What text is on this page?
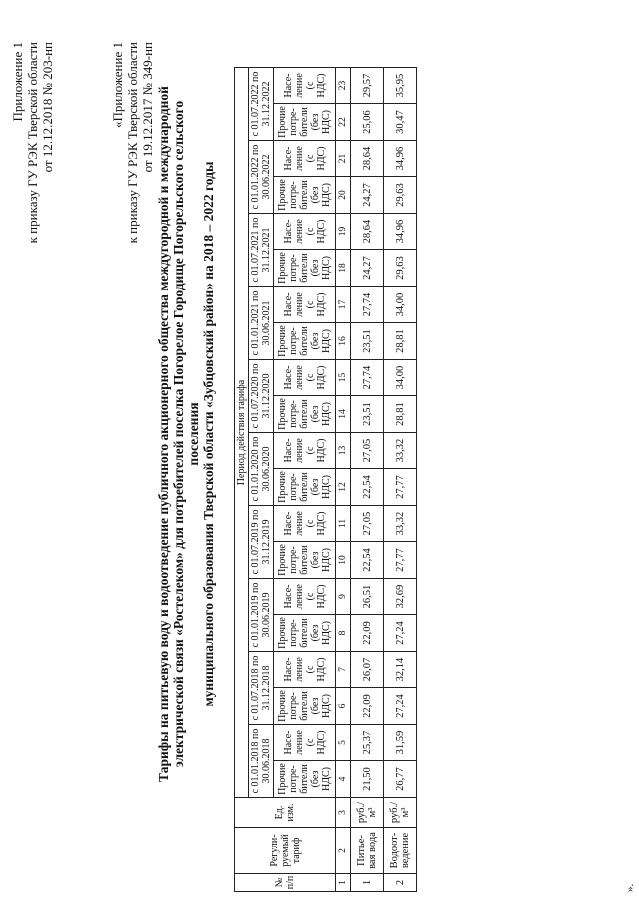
Приложение 1 к приказу ГУ РЭК Тверской области от 12.12.2018 № 203-нп	«Приложение 1 к приказу ГУ РЭК Тверской области от 19.12.2017 № 349-нп Тарифы на питьевую воду и водоотведение публичного акционерного общества междугородной и международной электрической связи «Ростелеком» для потребителей поселка Погорелое Городище Погорельского сельского поселения муниципального образования Тверской области «Зубцовский район» на 2018 – 2022 годы
№ п/п	Регули-руемый тариф	Ед. изм.	Период действия тарифа																			
			с 01.01.2018 по 30.06.2018		с 01.07.2018 по 31.12.2018		с 01.01.2019 по 30.06.2019		с 01.07.2019 по 31.12.2019		с 01.01.2020 по 30.06.2020		с 01.07.2020 по 31.12.2020		с 01.01.2021 по 30.06.2021		с 01.07.2021 по 31.12.2021		с 01.01.2022 по 30.06.2022		с 01.07.2022 по 31.12.2022	
			Прочие потре-бители (без НДС)	Насе-ление (с НДС)	Прочие потре-бители (без НДС)	Насе-ление (с НДС)	Прочие потре-бители (без НДС)	Насе-ление (с НДС)	Прочие потре-бители (без НДС)	Насе-ление (с НДС)	Прочие потре-бители (без НДС)	Насе-ление (с НДС)	Прочие потре-бители (без НДС)	Насе-ление (с НДС)	Прочие потре-бители (без НДС)	Насе-ление (с НДС)	Прочие потре-бители (без НДС)	Насе-ление (с НДС)	Прочие потре-бители (без НДС)	Насе-ление (с НДС)	Прочие потре-бители (без НДС)	Насе-ление (с НДС)
1	2	3	4	5	6	7	8	9	10	11	12	13	14	15	16	17	18	19	20	21	22	23
1	Питье-вая вода	руб./м³	21,50	25,37	22,09	26,07	22,09	26,51	22,54	27,05	22,54	27,05	23,51	27,74	23,51	27,74	24,27	28,64	24,27	28,64	25,06	29,57
2	Водоот-ведение	руб./м³	26,77	31,59	27,24	32,14	27,24	32,69	27,77	33,32	27,77	33,32	28,81	34,00	28,81	34,00	29,63	34,96	29,63	34,96	30,47	35,95
».
